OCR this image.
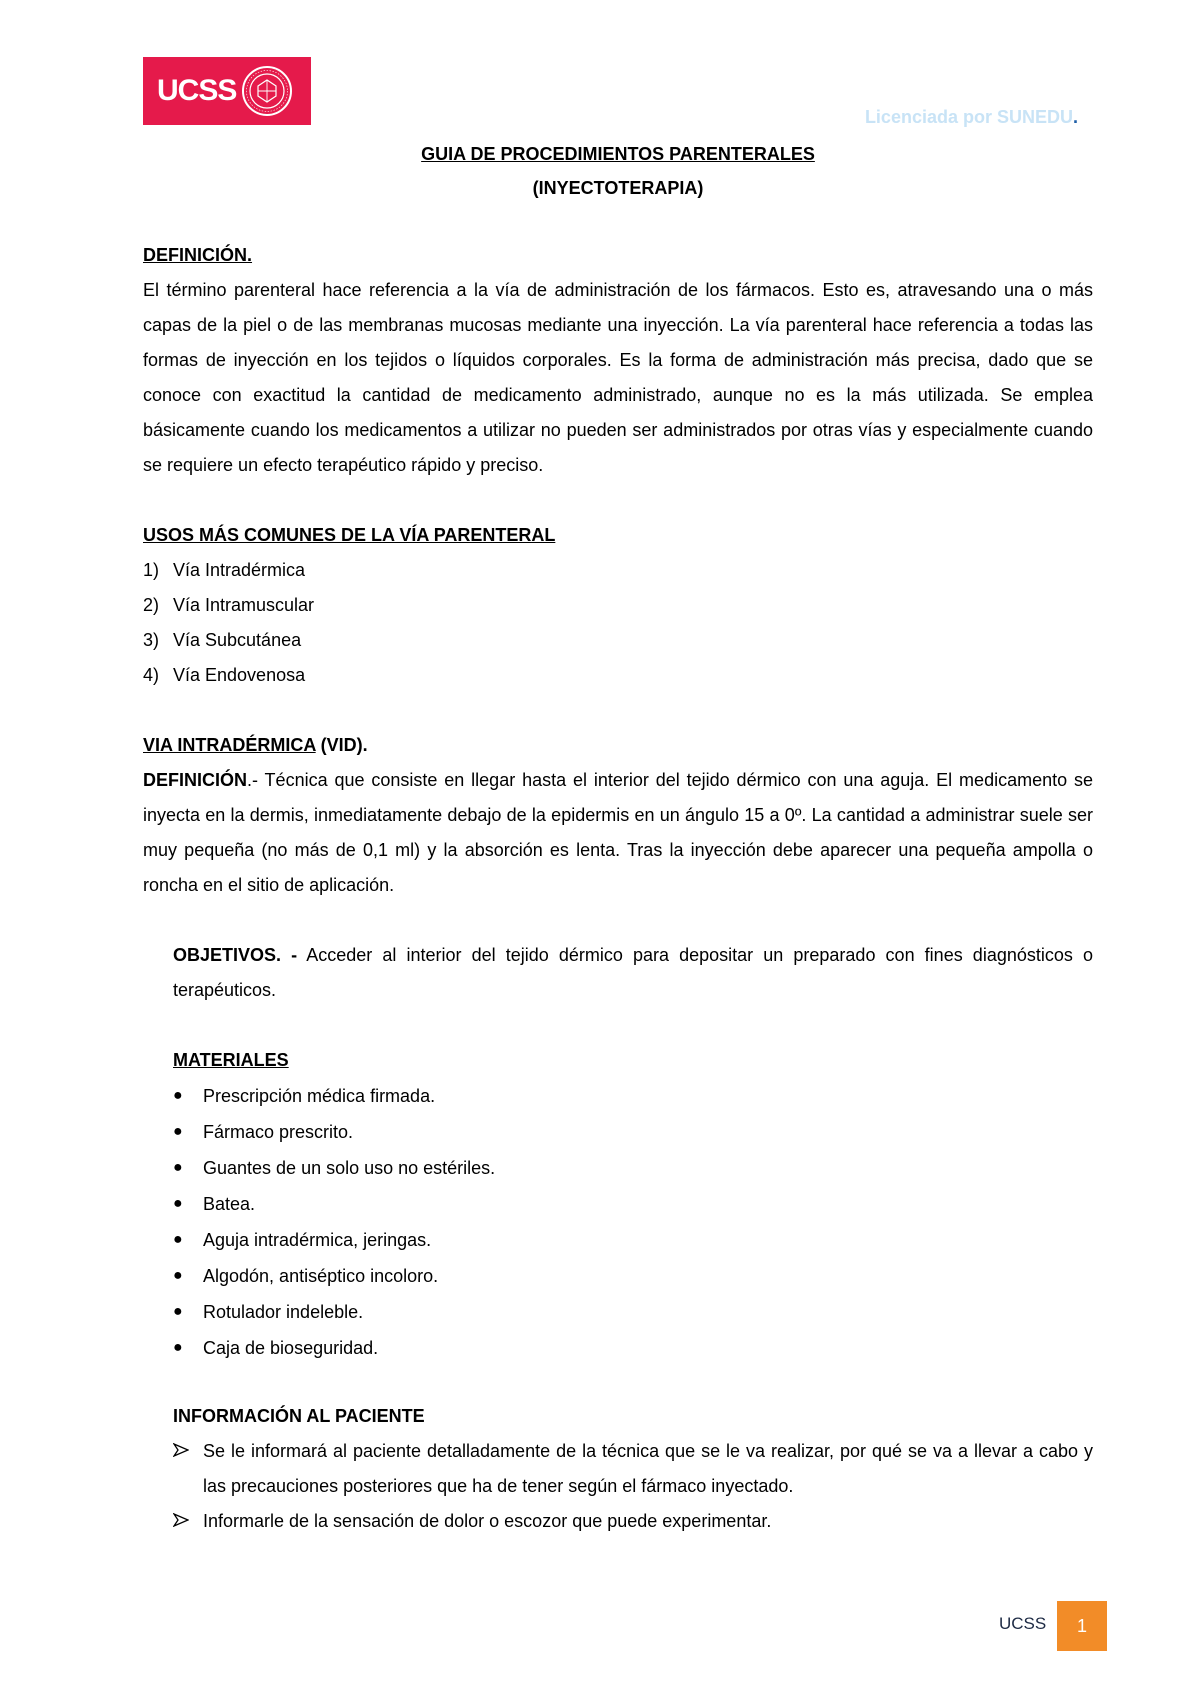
UCSS
Licenciada por SUNEDU.

GUIA DE PROCEDIMIENTOS PARENTERALES

(INYECTOTERAPIA)

DEFINICIÓN.

El término parenteral hace referencia a la vía de administración de los fármacos. Esto es, atravesando una o más capas de la piel o de las membranas mucosas mediante una inyección. La vía parenteral hace referencia a todas las formas de inyección en los tejidos o líquidos corporales. Es la forma de administración más precisa, dado que se conoce con exactitud la cantidad de medicamento administrado, aunque no es la más utilizada. Se emplea básicamente cuando los medicamentos a utilizar no pueden ser administrados por otras vías y especialmente cuando se requiere un efecto terapéutico rápido y preciso.

USOS MÁS COMUNES DE LA VÍA PARENTERAL

1) Vía Intradérmica
2) Vía Intramuscular
3) Vía Subcutánea
4) Vía Endovenosa

VIA INTRADÉRMICA (VID).

DEFINICIÓN.- Técnica que consiste en llegar hasta el interior del tejido dérmico con una aguja. El medicamento se inyecta en la dermis, inmediatamente debajo de la epidermis en un ángulo 15 a 0º. La cantidad a administrar suele ser muy pequeña (no más de 0,1 ml) y la absorción es lenta. Tras la inyección debe aparecer una pequeña ampolla o roncha en el sitio de aplicación.

OBJETIVOS. - Acceder al interior del tejido dérmico para depositar un preparado con fines diagnósticos o terapéuticos.

MATERIALES

●	Prescripción médica firmada.
●	Fármaco prescrito.
●	Guantes de un solo uso no estériles.
●	Batea.
●	Aguja intradérmica, jeringas.
●	Algodón, antiséptico incoloro.
●	Rotulador indeleble.
●	Caja de bioseguridad.

INFORMACIÓN AL PACIENTE

Se le informará al paciente detalladamente de la técnica que se le va realizar, por qué se va a llevar a cabo y las precauciones posteriores que ha de tener según el fármaco inyectado.
Informarle de la sensación de dolor o escozor que puede experimentar.
UCSS	1
